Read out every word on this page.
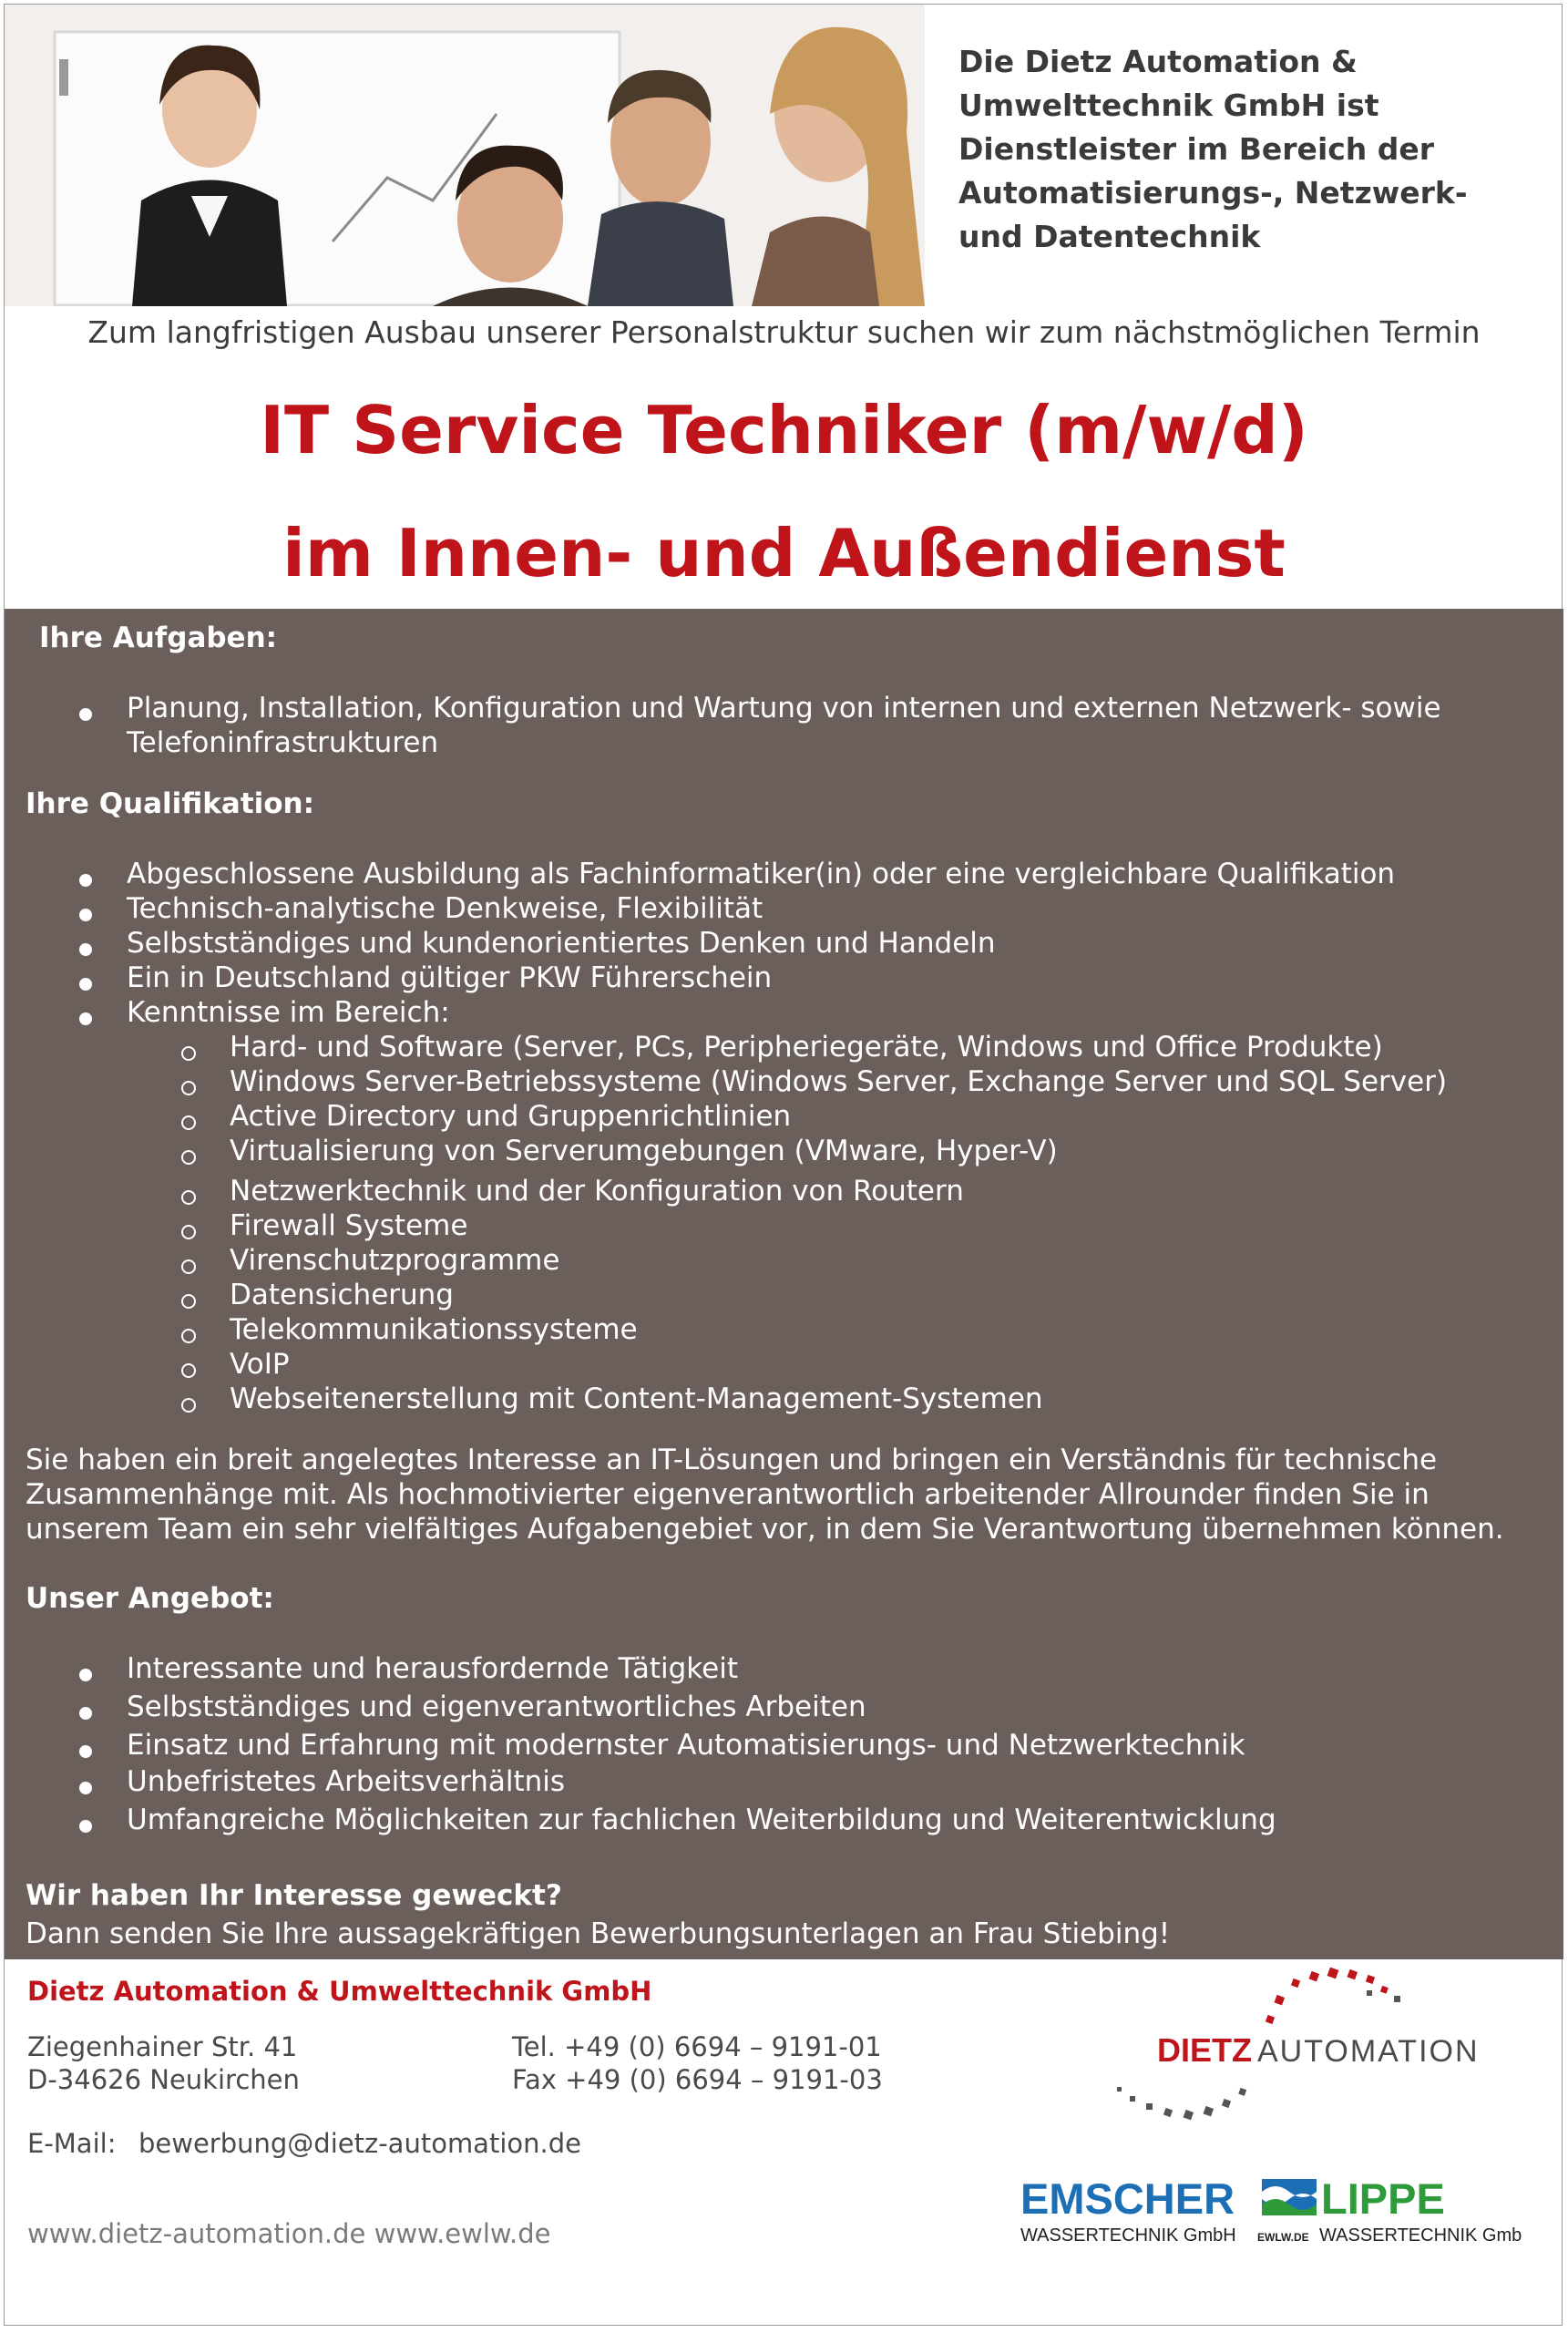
Die Dietz Automation &
Umwelttechnik GmbH ist
Dienstleister im Bereich der
Automatisierungs-, Netzwerk-
und Datentechnik
Zum langfristigen Ausbau unserer Personalstruktur suchen wir zum nächstmöglichen Termin
IT Service Techniker (m/w/d)
im Innen- und Außendienst
Ihre Aufgaben:
Planung, Installation, Konfiguration und Wartung von internen und externen Netzwerk- sowie
Telefoninfrastrukturen
Ihre Qualifikation:
Abgeschlossene Ausbildung als Fachinformatiker(in) oder eine vergleichbare Qualifikation
Technisch-analytische Denkweise, Flexibilität
Selbstständiges und kundenorientiertes Denken und Handeln
Ein in Deutschland gültiger PKW Führerschein
Kenntnisse im Bereich:
Hard- und Software (Server, PCs, Peripheriegeräte, Windows und Office Produkte)
Windows Server-Betriebssysteme (Windows Server, Exchange Server und SQL Server)
Active Directory und Gruppenrichtlinien
Virtualisierung von Serverumgebungen (VMware, Hyper-V)
Netzwerktechnik und der Konfiguration von Routern
Firewall Systeme
Virenschutzprogramme
Datensicherung
Telekommunikationssysteme
VoIP
Webseitenerstellung mit Content-Management-Systemen
Sie haben ein breit angelegtes Interesse an IT-Lösungen und bringen ein Verständnis für technische
Zusammenhänge mit. Als hochmotivierter eigenverantwortlich arbeitender Allrounder finden Sie in
unserem Team ein sehr vielfältiges Aufgabengebiet vor, in dem Sie Verantwortung übernehmen können.
Unser Angebot:
Interessante und herausfordernde Tätigkeit
Selbstständiges und eigenverantwortliches Arbeiten
Einsatz und Erfahrung mit modernster Automatisierungs- und Netzwerktechnik
Unbefristetes Arbeitsverhältnis
Umfangreiche Möglichkeiten zur fachlichen Weiterbildung und Weiterentwicklung
Wir haben Ihr Interesse geweckt?
Dann senden Sie Ihre aussagekräftigen Bewerbungsunterlagen an Frau Stiebing!
Dietz Automation & Umwelttechnik GmbH
Ziegenhainer Str. 41
D-34626 Neukirchen
Tel. +49 (0) 6694 – 9191-01
Fax +49 (0) 6694 – 9191-03
E-Mail: bewerbung@dietz-automation.de
www.dietz-automation.de www.ewlw.de
DIETZ AUTOMATION
EMSCHER LIPPE
WASSERTECHNIK GmbH EWLW.DE WASSERTECHNIK GmbH
